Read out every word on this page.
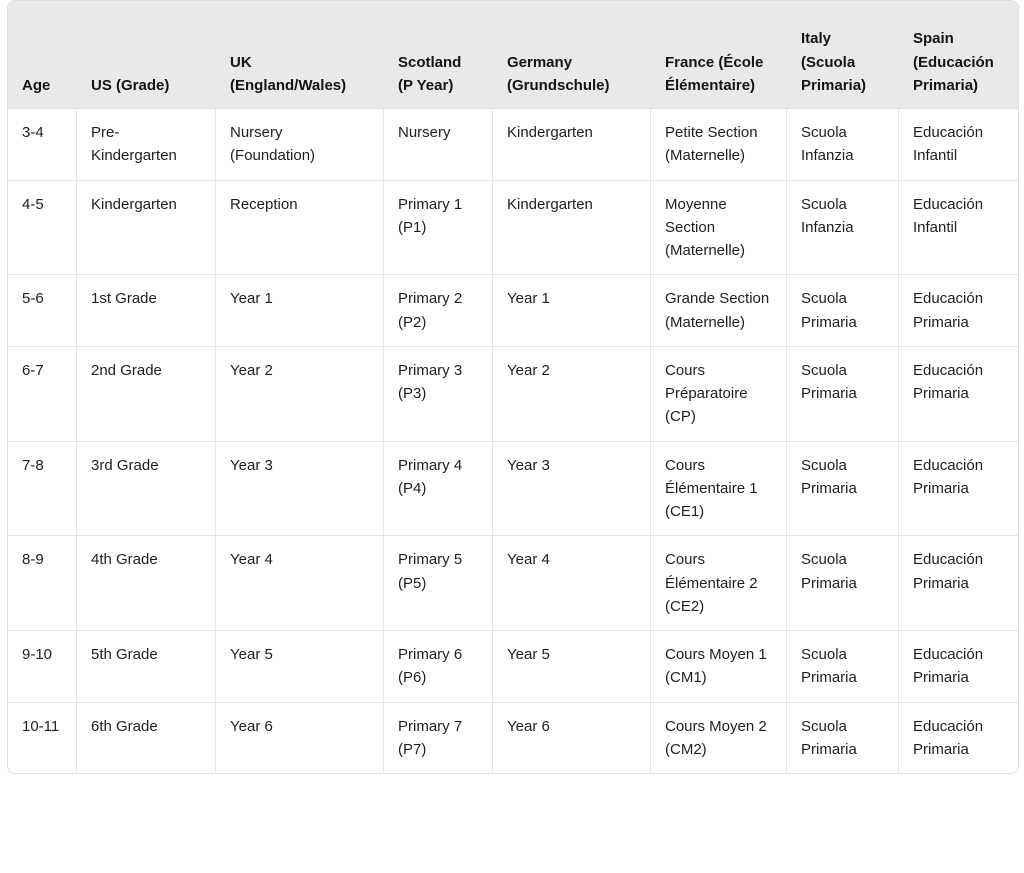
Age	US (Grade)	UK (England/Wales)	Scotland (P Year)	Germany (Grundschule)	France (École Élémentaire)	Italy (Scuola Primaria)	Spain (Educación Primaria)
3-4	Pre-Kindergarten	Nursery (Foundation)	Nursery	Kindergarten	Petite Section (Maternelle)	Scuola Infanzia	Educación Infantil
4-5	Kindergarten	Reception	Primary 1 (P1)	Kindergarten	Moyenne Section (Maternelle)	Scuola Infanzia	Educación Infantil
5-6	1st Grade	Year 1	Primary 2 (P2)	Year 1	Grande Section (Maternelle)	Scuola Primaria	Educación Primaria
6-7	2nd Grade	Year 2	Primary 3 (P3)	Year 2	Cours Préparatoire (CP)	Scuola Primaria	Educación Primaria
7-8	3rd Grade	Year 3	Primary 4 (P4)	Year 3	Cours Élémentaire 1 (CE1)	Scuola Primaria	Educación Primaria
8-9	4th Grade	Year 4	Primary 5 (P5)	Year 4	Cours Élémentaire 2 (CE2)	Scuola Primaria	Educación Primaria
9-10	5th Grade	Year 5	Primary 6 (P6)	Year 5	Cours Moyen 1 (CM1)	Scuola Primaria	Educación Primaria
10-11	6th Grade	Year 6	Primary 7 (P7)	Year 6	Cours Moyen 2 (CM2)	Scuola Primaria	Educación Primaria
